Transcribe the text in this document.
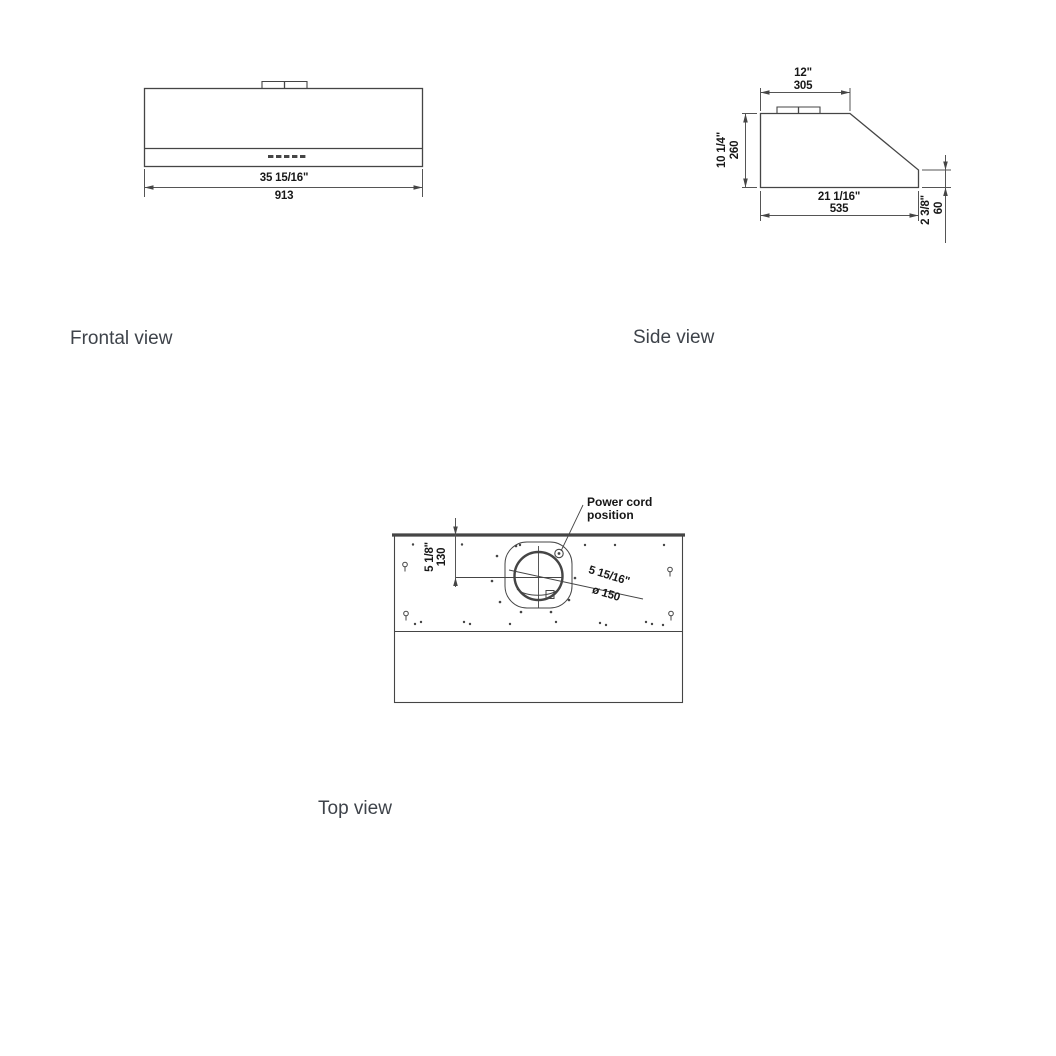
35 15/16"
913
Frontal view
12"
305
10 1/4" 260
21 1/16"
535	2 3/8" 60
Side view
5 1/8" 130
5 15/16"
ø 150
Power cord
position
Top view
